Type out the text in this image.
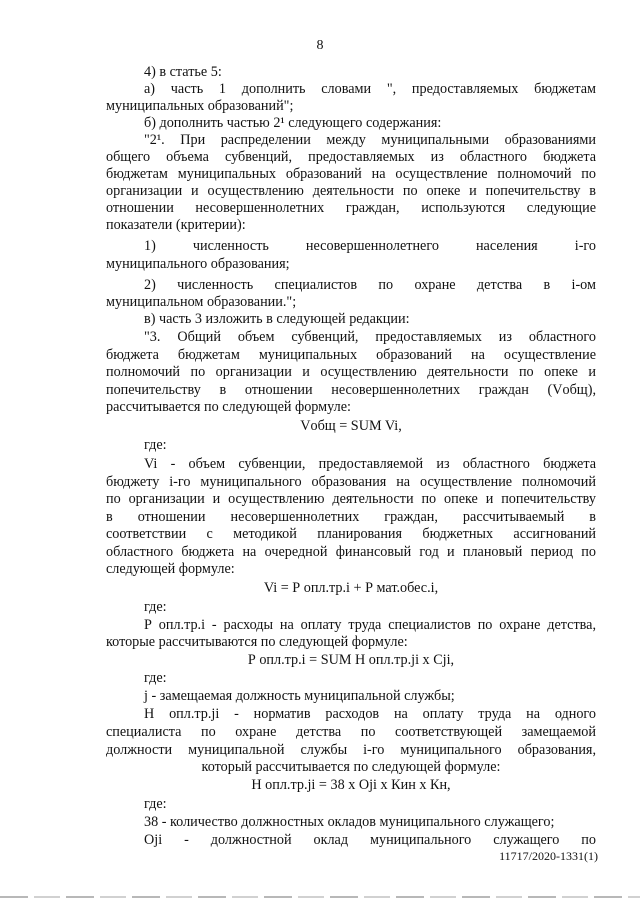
8
4) в статье 5:
а) часть 1 дополнить словами ", предоставляемых бюджетам
муниципальных образований";
б) дополнить частью 2¹ следующего содержания:
"2¹. При распределении между муниципальными образованиями
общего объема субвенций, предоставляемых из областного бюджета
бюджетам муниципальных образований на осуществление полномочий по
организации и осуществлению деятельности по опеке и попечительству в
отношении несовершеннолетних граждан, используются следующие
показатели (критерии):
1) численность несовершеннолетнего населения i-го
муниципального образования;
2) численность специалистов по охране детства в i-ом
муниципальном образовании.";
в) часть 3 изложить в следующей редакции:
"3. Общий объем субвенций, предоставляемых из областного
бюджета бюджетам муниципальных образований на осуществление
полномочий по организации и осуществлению деятельности по опеке и
попечительству в отношении несовершеннолетних граждан (Vобщ),
рассчитывается по следующей формуле:
Vобщ = SUM Vi,
где:
Vi - объем субвенции, предоставляемой из областного бюджета
бюджету i-го муниципального образования на осуществление полномочий
по организации и осуществлению деятельности по опеке и попечительству
в отношении несовершеннолетних граждан, рассчитываемый в
соответствии с методикой планирования бюджетных ассигнований
областного бюджета на очередной финансовый год и плановый период по
следующей формуле:
Vi = Р опл.тр.i + Р мат.обес.i,
где:
Р опл.тр.i - расходы на оплату труда специалистов по охране детства,
которые рассчитываются по следующей формуле:
Р опл.тр.i = SUM Н опл.тр.ji x Сji,
где:
j - замещаемая должность муниципальной службы;
Н опл.тр.ji - норматив расходов на оплату труда на одного
специалиста по охране детства по соответствующей замещаемой
должности муниципальной службы i-го муниципального образования,
который рассчитывается по следующей формуле:
Н опл.тр.ji = 38 x Оji x Кин x Кн,
где:
38 - количество должностных окладов муниципального служащего;
Оji - должностной оклад муниципального служащего по
11717/2020-1331(1)
